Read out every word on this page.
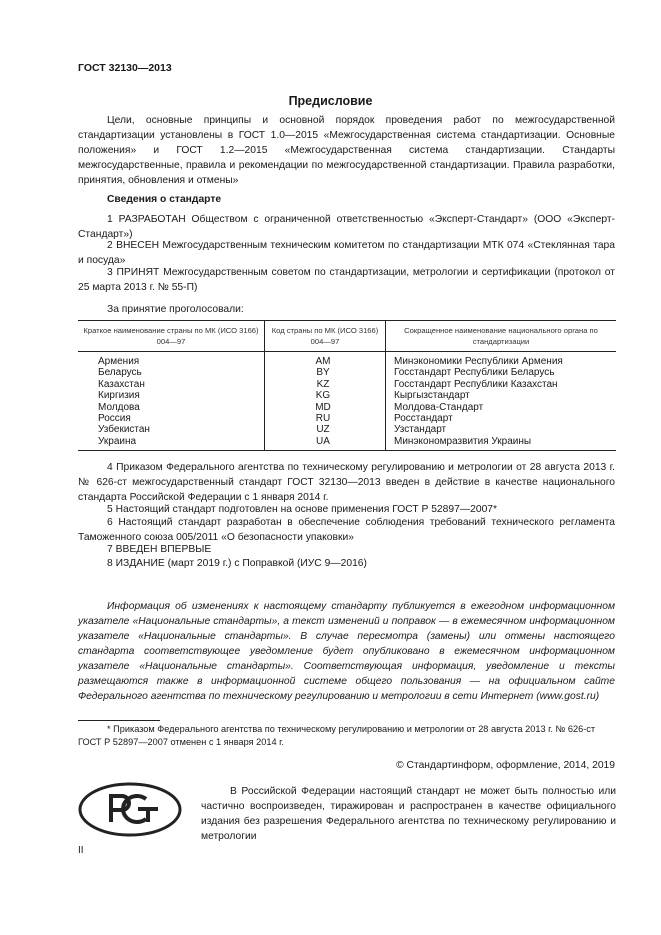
ГОСТ 32130—2013
Предисловие
Цели, основные принципы и основной порядок проведения работ по межгосударственной стандартизации установлены в ГОСТ 1.0—2015 «Межгосударственная система стандартизации. Основные положения» и ГОСТ 1.2—2015 «Межгосударственная система стандартизации. Стандарты межгосударственные, правила и рекомендации по межгосударственной стандартизации. Правила разработки, принятия, обновления и отмены»
Сведения о стандарте
1 РАЗРАБОТАН Обществом с ограниченной ответственностью «Эксперт-Стандарт» (ООО «Эксперт-Стандарт»)
2 ВНЕСЕН Межгосударственным техническим комитетом по стандартизации МТК 074 «Стеклянная тара и посуда»
3 ПРИНЯТ Межгосударственным советом по стандартизации, метрологии и сертификации (протокол от 25 марта 2013 г. № 55-П)
За принятие проголосовали:
Краткое наименование страны по МК (ИСО 3166) 004—97	Код страны по МК (ИСО 3166) 004—97	Сокращенное наименование национального органа по стандартизации
Армения	AM	Минэкономики Республики Армения
Беларусь	BY	Госстандарт Республики Беларусь
Казахстан	KZ	Госстандарт Республики Казахстан
Киргизия	KG	Кыргызстандарт
Молдова	MD	Молдова-Стандарт
Россия	RU	Росстандарт
Узбекистан	UZ	Узстандарт
Украина	UA	Минэкономразвития Украины
4 Приказом Федерального агентства по техническому регулированию и метрологии от 28 августа 2013 г. № 626-ст межгосударственный стандарт ГОСТ 32130—2013 введен в действие в качестве национального стандарта Российской Федерации с 1 января 2014 г.
5 Настоящий стандарт подготовлен на основе применения ГОСТ Р 52897—2007*
6 Настоящий стандарт разработан в обеспечение соблюдения требований технического регламента Таможенного союза 005/2011 «О безопасности упаковки»
7 ВВЕДЕН ВПЕРВЫЕ
8 ИЗДАНИЕ (март 2019 г.) с Поправкой (ИУС 9—2016)
Информация об изменениях к настоящему стандарту публикуется в ежегодном информационном указателе «Национальные стандарты», а текст изменений и поправок — в ежемесячном информационном указателе «Национальные стандарты». В случае пересмотра (замены) или отмены настоящего стандарта соответствующее уведомление будет опубликовано в ежемесячном информационном указателе «Национальные стандарты». Соответствующая информация, уведомление и тексты размещаются также в информационной системе общего пользования — на официальном сайте Федерального агентства по техническому регулированию и метрологии в сети Интернет (www.gost.ru)
* Приказом Федерального агентства по техническому регулированию и метрологии от 28 августа 2013 г. № 626-ст ГОСТ Р 52897—2007 отменен с 1 января 2014 г.
© Стандартинформ, оформление, 2014, 2019
В Российской Федерации настоящий стандарт не может быть полностью или частично воспроизведен, тиражирован и распространен в качестве официального издания без разрешения Федерального агентства по техническому регулированию и метрологии
II
